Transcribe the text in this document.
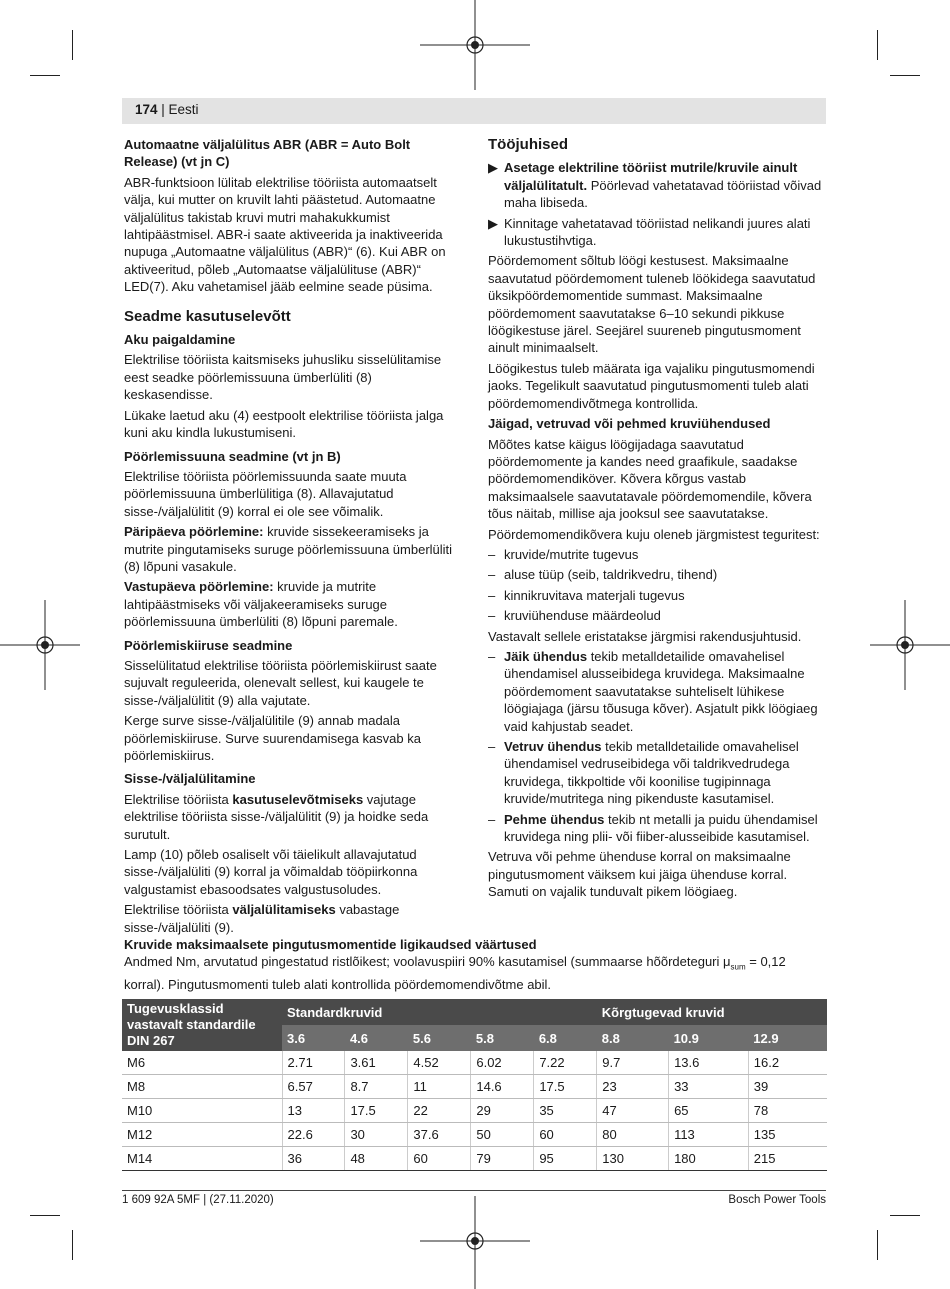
174 | Eesti

Automaatne väljalülitus ABR (ABR = Auto Bolt Release) (vt jn C)

ABR-funktsioon lülitab elektrilise tööriista automaatselt välja, kui mutter on kruvilt lahti päästetud. Automaatne väljalülitus takistab kruvi mutri mahakukkumist lahtipäästmisel. ABR-i saate aktiveerida ja inaktiveerida nupuga „Automaatne väljalülitus (ABR)“ (6). Kui ABR on aktiveeritud, põleb „Automaatse väljalülituse (ABR)“ LED(7). Aku vahetamisel jääb eelmine seade püsima.

Seadme kasutuselevõtt

Aku paigaldamine

Elektrilise tööriista kaitsmiseks juhusliku sisselülitamise eest seadke pöörlemissuuna ümberlüliti (8) keskasendisse.

Lükake laetud aku (4) eestpoolt elektrilise tööriista jalga kuni aku kindla lukustumiseni.

Pöörlemissuuna seadmine (vt jn B)

Elektrilise tööriista pöörlemissuunda saate muuta pöörlemissuuna ümberlülitiga (8). Allavajutatud sisse-/väljalülitit (9) korral ei ole see võimalik.

Päripäeva pöörlemine: kruvide sissekeeramiseks ja mutrite pingutamiseks suruge pöörlemissuuna ümberlüliti (8) lõpuni vasakule.

Vastupäeva pöörlemine: kruvide ja mutrite lahtipäästmiseks või väljakeeramiseks suruge pöörlemissuuna ümberlüliti (8) lõpuni paremale.

Pöörlemiskiiruse seadmine

Sisselülitatud elektrilise tööriista pöörlemiskiirust saate sujuvalt reguleerida, olenevalt sellest, kui kaugele te sisse-/väljalülitit (9) alla vajutate.

Kerge surve sisse-/väljalülitile (9) annab madala pöörlemiskiiruse. Surve suurendamisega kasvab ka pöörlemiskiirus.

Sisse-/väljalülitamine

Elektrilise tööriista kasutuselevõtmiseks vajutage elektrilise tööriista sisse-/väljalülitit (9) ja hoidke seda surutult.

Lamp (10) põleb osaliselt või täielikult allavajutatud sisse-/väljalüliti (9) korral ja võimaldab tööpiirkonna valgustamist ebasoodsates valgustusoludes.

Elektrilise tööriista väljalülitamiseks vabastage sisse-/väljalüliti (9).

Tööjuhised

▶ Asetage elektriline tööriist mutrile/kruvile ainult väljalülitatult. Pöörlevad vahetatavad tööriistad võivad maha libiseda.
▶ Kinnitage vahetatavad tööriistad nelikandi juures alati lukustustihvtiga.

Pöördemoment sõltub löögi kestusest. Maksimaalne saavutatud pöördemoment tuleneb löökidega saavutatud üksikpöördemomentide summast. Maksimaalne pöördemoment saavutatakse 6–10 sekundi pikkuse löögikestuse järel. Seejärel suureneb pingutusmoment ainult minimaalselt.

Löögikestus tuleb määrata iga vajaliku pingutusmomendi jaoks. Tegelikult saavutatud pingutusmomenti tuleb alati pöördemomendivõtmega kontrollida.

Jäigad, vetruvad või pehmed kruviühendused

Mõõtes katse käigus löögijadaga saavutatud pöördemomente ja kandes need graafikule, saadakse pöördemomendiköver. Kõvera kõrgus vastab maksimaalsele saavutatavale pöördemomendile, kõvera tõus näitab, millise aja jooksul see saavutatakse.

Pöördemomendikõvera kuju oleneb järgmistest teguritest:

– kruvide/mutrite tugevus
– aluse tüüp (seib, taldrikvedru, tihend)
– kinnikruvitava materjali tugevus
– kruviühenduse määrdeolud

Vastavalt sellele eristatakse järgmisi rakendusjuhtusid.

– Jäik ühendus tekib metalldetailide omavahelisel ühendamisel alusseibidega kruvidega. Maksimaalne pöördemoment saavutatakse suhteliselt lühikese löögiajaga (järsu tõusuga kõver). Asjatult pikk löögiaeg vaid kahjustab seadet.
– Vetruv ühendus tekib metalldetailide omavahelisel ühendamisel vedruseibidega või taldrikvedrudega kruvidega, tikkpoltide või koonilise tugipinnaga kruvide/mutritega ning pikenduste kasutamisel.
– Pehme ühendus tekib nt metalli ja puidu ühendamisel kruvidega ning plii- või fiiber-alusseibide kasutamisel.

Vetruva või pehme ühenduse korral on maksimaalne pingutusmoment väiksem kui jäiga ühenduse korral. Samuti on vajalik tunduvalt pikem löögiaeg.

Kruvide maksimaalsete pingutusmomentide ligikaudsed väärtused

Andmed Nm, arvutatud pingestatud ristlõikest; voolavuspiiri 90% kasutamisel (summaarse hõõrdeteguri $\mu_{sum} = 0,12$ korral). Pingutusmomenti tuleb alati kontrollida pöördemomendivõtme abil.

Tugevusklassid vastavalt standardile DIN 267	Standardkruvid					Kõrgtugevad kruvid		
	3.6	4.6	5.6	5.8	6.8	8.8	10.9	12.9
M6	2.71	3.61	4.52	6.02	7.22	9.7	13.6	16.2
M8	6.57	8.7	11	14.6	17.5	23	33	39
M10	13	17.5	22	29	35	47	65	78
M12	22.6	30	37.6	50	60	80	113	135
M14	36	48	60	79	95	130	180	215
1 609 92A 5MF | (27.11.2020)	Bosch Power Tools
